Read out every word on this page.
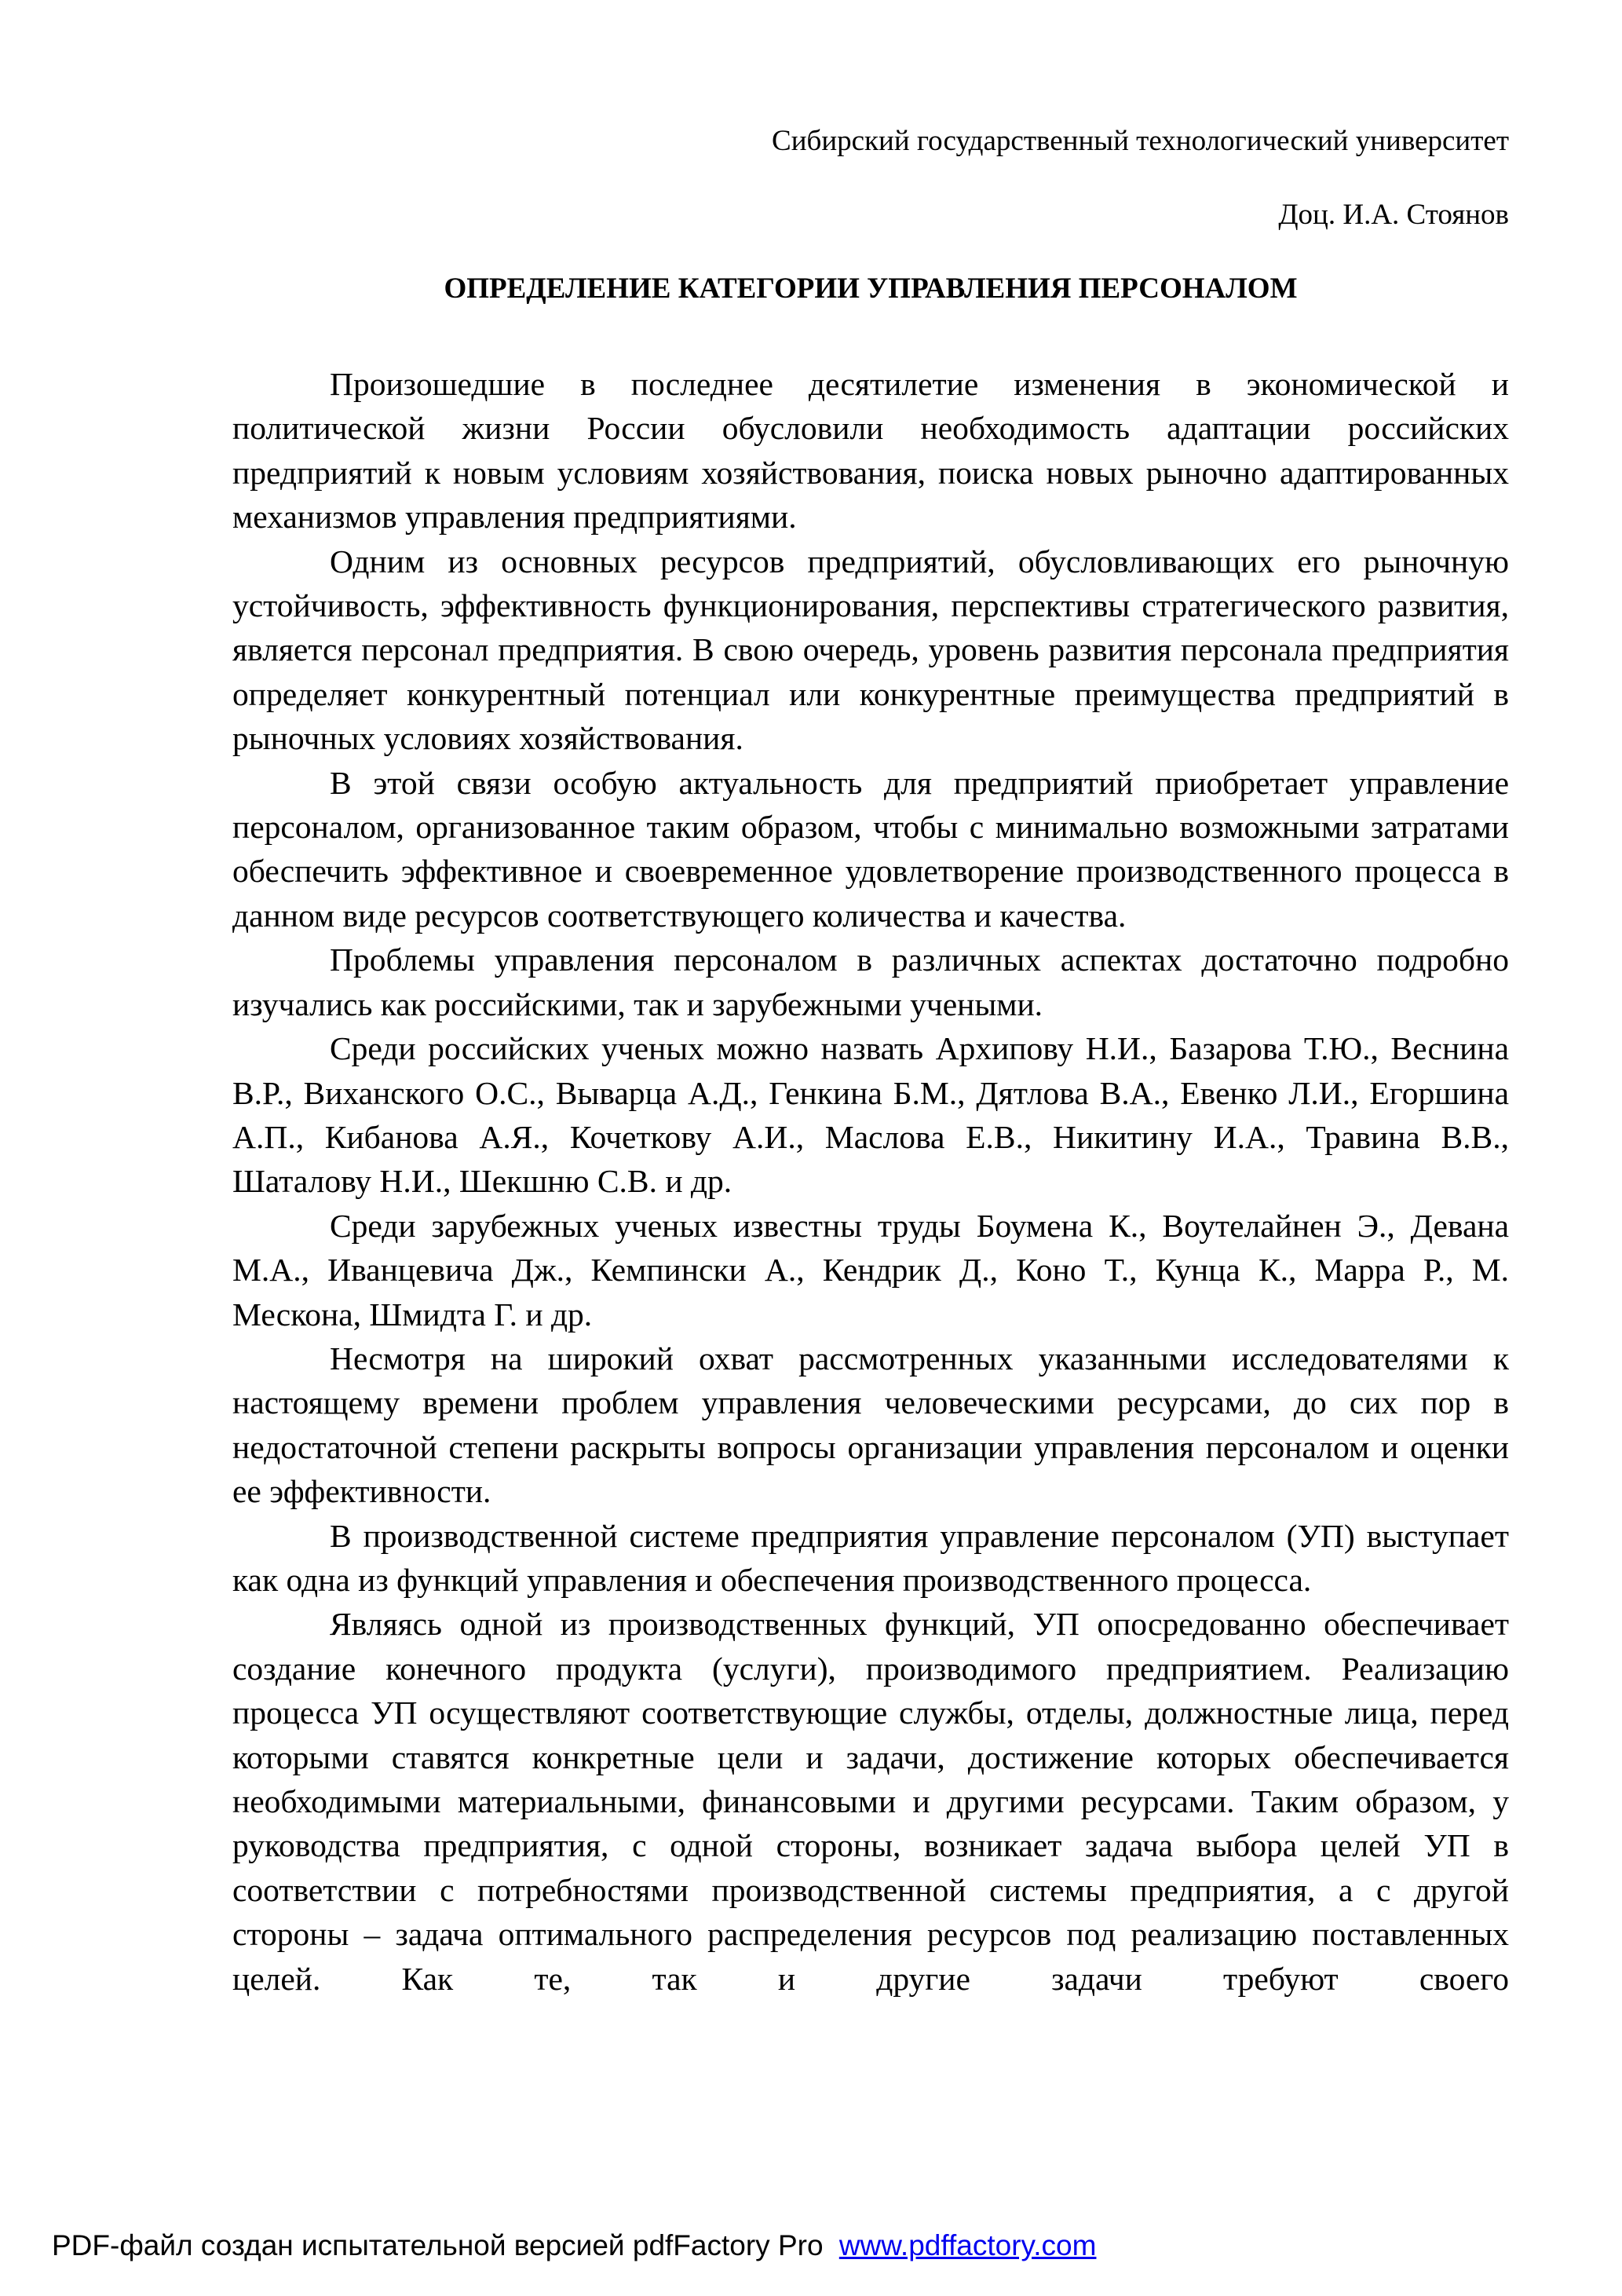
Сибирский государственный технологический университет
Доц. И.А. Стоянов
ОПРЕДЕЛЕНИЕ КАТЕГОРИИ УПРАВЛЕНИЯ ПЕРСОНАЛОМ

Произошедшие в последнее десятилетие изменения в экономической и политической жизни России обусловили необходимость адаптации российских предприятий к новым условиям хозяйствования, поиска новых рыночно адаптированных механизмов управления предприятиями.

Одним из основных ресурсов предприятий, обусловливающих его рыночную устойчивость, эффективность функционирования, перспективы стратегического развития, является персонал предприятия. В свою очередь, уровень развития персонала предприятия определяет конкурентный потенциал или конкурентные преимущества предприятий в рыночных условиях хозяйствования.

В этой связи особую актуальность для предприятий приобретает управление персоналом, организованное таким образом, чтобы с минимально возможными затратами обеспечить эффективное и своевременное удовлетворение производственного процесса в данном виде ресурсов соответствующего количества и качества.

Проблемы управления персоналом в различных аспектах достаточно подробно изучались как российскими, так и зарубежными учеными.

Среди российских ученых можно назвать Архипову Н.И., Базарова Т.Ю., Веснина В.Р., Виханского О.С., Выварца А.Д., Генкина Б.М., Дятлова В.А., Евенко Л.И., Егоршина А.П., Кибанова А.Я., Кочеткову А.И., Маслова Е.В., Никитину И.А., Травина В.В., Шаталову Н.И., Шекшню С.В. и др.

Среди зарубежных ученых известны труды Боумена К., Воутелайнен Э., Девана М.А., Иванцевича Дж., Кемпински А., Кендрик Д., Коно Т., Кунца К., Марра Р., М. Мескона, Шмидта Г. и др.

Несмотря на широкий охват рассмотренных указанными исследователями к настоящему времени проблем управления человеческими ресурсами, до сих пор в недостаточной степени раскрыты вопросы организации управления персоналом и оценки ее эффективности.

В производственной системе предприятия управление персоналом (УП) выступает как одна из функций управления и обеспечения производственного процесса.

Являясь одной из производственных функций, УП опосредованно обеспечивает создание конечного продукта (услуги), производимого предприятием. Реализацию процесса УП осуществляют соответствующие службы, отделы, должностные лица, перед которыми ставятся конкретные цели и задачи, достижение которых обеспечивается необходимыми материальными, финансовыми и другими ресурсами. Таким образом, у руководства предприятия, с одной стороны, возникает задача выбора целей УП в соответствии с потребностями производственной системы предприятия, а с другой стороны – задача оптимального распределения ресурсов под реализацию поставленных целей. Как те, так и другие задачи требуют своего

PDF-файл создан испытательной версией pdfFactory Pro www.pdffactory.com
